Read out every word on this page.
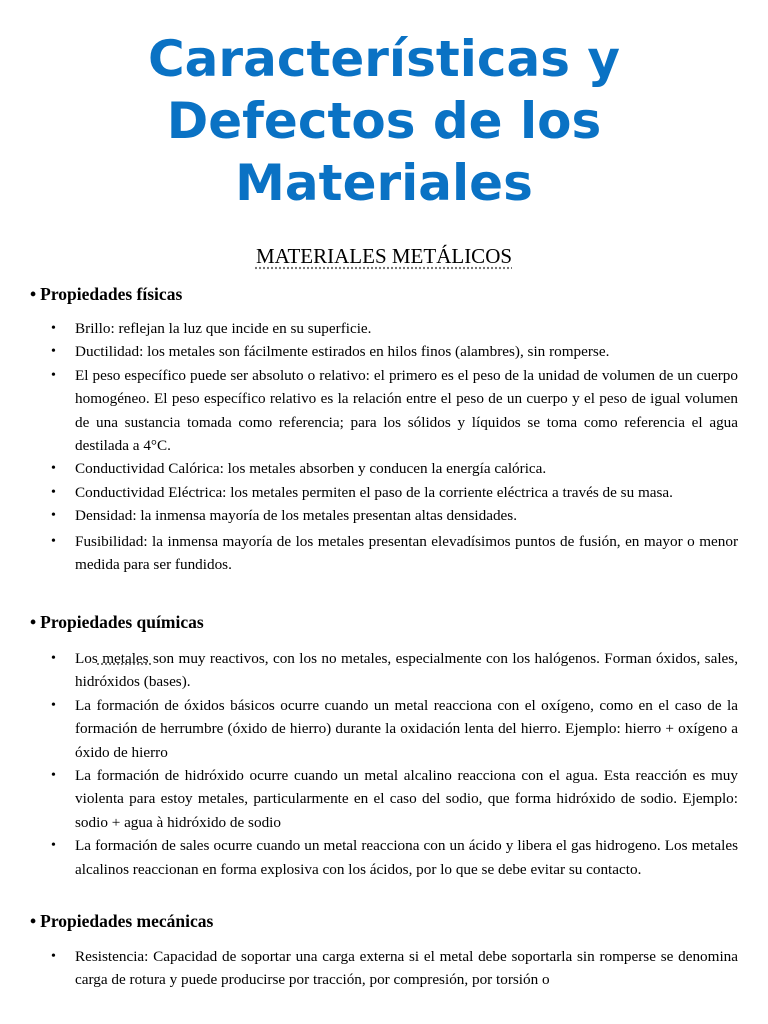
Características y
Defectos de los
Materiales
MATERIALES METÁLICOS

• Propiedades físicas

• Brillo: reflejan la luz que incide en su superficie.
• Ductilidad: los metales son fácilmente estirados en hilos finos (alambres), sin romperse.
• El peso específico puede ser absoluto o relativo: el primero es el peso de la unidad de volumen de un cuerpo homogéneo. El peso específico relativo es la relación entre el peso de un cuerpo y el peso de igual volumen de una sustancia tomada como referencia; para los sólidos y líquidos se toma como referencia el agua destilada a 4°C.
• Conductividad Calórica: los metales absorben y conducen la energía calórica.
• Conductividad Eléctrica: los metales permiten el paso de la corriente eléctrica a través de su masa.
• Densidad: la inmensa mayoría de los metales presentan altas densidades.
• Fusibilidad: la inmensa mayoría de los metales presentan elevadísimos puntos de fusión, en mayor o menor medida para ser fundidos.

• Propiedades químicas

• Los metales son muy reactivos, con los no metales, especialmente con los halógenos. Forman óxidos, sales, hidróxidos (bases).
• La formación de óxidos básicos ocurre cuando un metal reacciona con el oxígeno, como en el caso de la formación de herrumbre (óxido de hierro) durante la oxidación lenta del hierro. Ejemplo: hierro + oxígeno a óxido de hierro
• La formación de hidróxido ocurre cuando un metal alcalino reacciona con el agua. Esta reacción es muy violenta para estoy metales, particularmente en el caso del sodio, que forma hidróxido de sodio. Ejemplo: sodio + agua à hidróxido de sodio
• La formación de sales ocurre cuando un metal reacciona con un ácido y libera el gas hidrogeno. Los metales alcalinos reaccionan en forma explosiva con los ácidos, por lo que se debe evitar su contacto.

• Propiedades mecánicas

• Resistencia: Capacidad de soportar una carga externa si el metal debe soportarla sin romperse se denomina carga de rotura y puede producirse por tracción, por compresión, por torsión o
